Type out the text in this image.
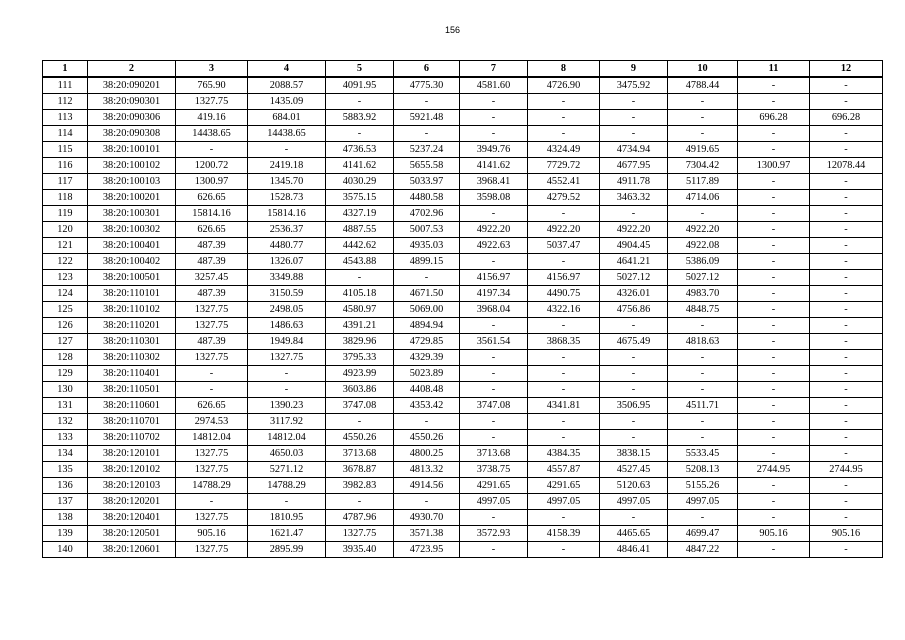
156
1	2	3	4	5	6	7	8	9	10	11	12
111	38:20:090201	765.90	2088.57	4091.95	4775.30	4581.60	4726.90	3475.92	4788.44	-	-
112	38:20:090301	1327.75	1435.09	-	-	-	-	-	-	-	-
113	38:20:090306	419.16	684.01	5883.92	5921.48	-	-	-	-	696.28	696.28
114	38:20:090308	14438.65	14438.65	-	-	-	-	-	-	-	-
115	38:20:100101	-	-	4736.53	5237.24	3949.76	4324.49	4734.94	4919.65	-	-
116	38:20:100102	1200.72	2419.18	4141.62	5655.58	4141.62	7729.72	4677.95	7304.42	1300.97	12078.44
117	38:20:100103	1300.97	1345.70	4030.29	5033.97	3968.41	4552.41	4911.78	5117.89	-	-
118	38:20:100201	626.65	1528.73	3575.15	4480.58	3598.08	4279.52	3463.32	4714.06	-	-
119	38:20:100301	15814.16	15814.16	4327.19	4702.96	-	-	-	-	-	-
120	38:20:100302	626.65	2536.37	4887.55	5007.53	4922.20	4922.20	4922.20	4922.20	-	-
121	38:20:100401	487.39	4480.77	4442.62	4935.03	4922.63	5037.47	4904.45	4922.08	-	-
122	38:20:100402	487.39	1326.07	4543.88	4899.15	-	-	4641.21	5386.09	-	-
123	38:20:100501	3257.45	3349.88	-	-	4156.97	4156.97	5027.12	5027.12	-	-
124	38:20:110101	487.39	3150.59	4105.18	4671.50	4197.34	4490.75	4326.01	4983.70	-	-
125	38:20:110102	1327.75	2498.05	4580.97	5069.00	3968.04	4322.16	4756.86	4848.75	-	-
126	38:20:110201	1327.75	1486.63	4391.21	4894.94	-	-	-	-	-	-
127	38:20:110301	487.39	1949.84	3829.96	4729.85	3561.54	3868.35	4675.49	4818.63	-	-
128	38:20:110302	1327.75	1327.75	3795.33	4329.39	-	-	-	-	-	-
129	38:20:110401	-	-	4923.99	5023.89	-	-	-	-	-	-
130	38:20:110501	-	-	3603.86	4408.48	-	-	-	-	-	-
131	38:20:110601	626.65	1390.23	3747.08	4353.42	3747.08	4341.81	3506.95	4511.71	-	-
132	38:20:110701	2974.53	3117.92	-	-	-	-	-	-	-	-
133	38:20:110702	14812.04	14812.04	4550.26	4550.26	-	-	-	-	-	-
134	38:20:120101	1327.75	4650.03	3713.68	4800.25	3713.68	4384.35	3838.15	5533.45	-	-
135	38:20:120102	1327.75	5271.12	3678.87	4813.32	3738.75	4557.87	4527.45	5208.13	2744.95	2744.95
136	38:20:120103	14788.29	14788.29	3982.83	4914.56	4291.65	4291.65	5120.63	5155.26	-	-
137	38:20:120201	-	-	-	-	4997.05	4997.05	4997.05	4997.05	-	-
138	38:20:120401	1327.75	1810.95	4787.96	4930.70	-	-	-	-	-	-
139	38:20:120501	905.16	1621.47	1327.75	3571.38	3572.93	4158.39	4465.65	4699.47	905.16	905.16
140	38:20:120601	1327.75	2895.99	3935.40	4723.95	-	-	4846.41	4847.22	-	-
